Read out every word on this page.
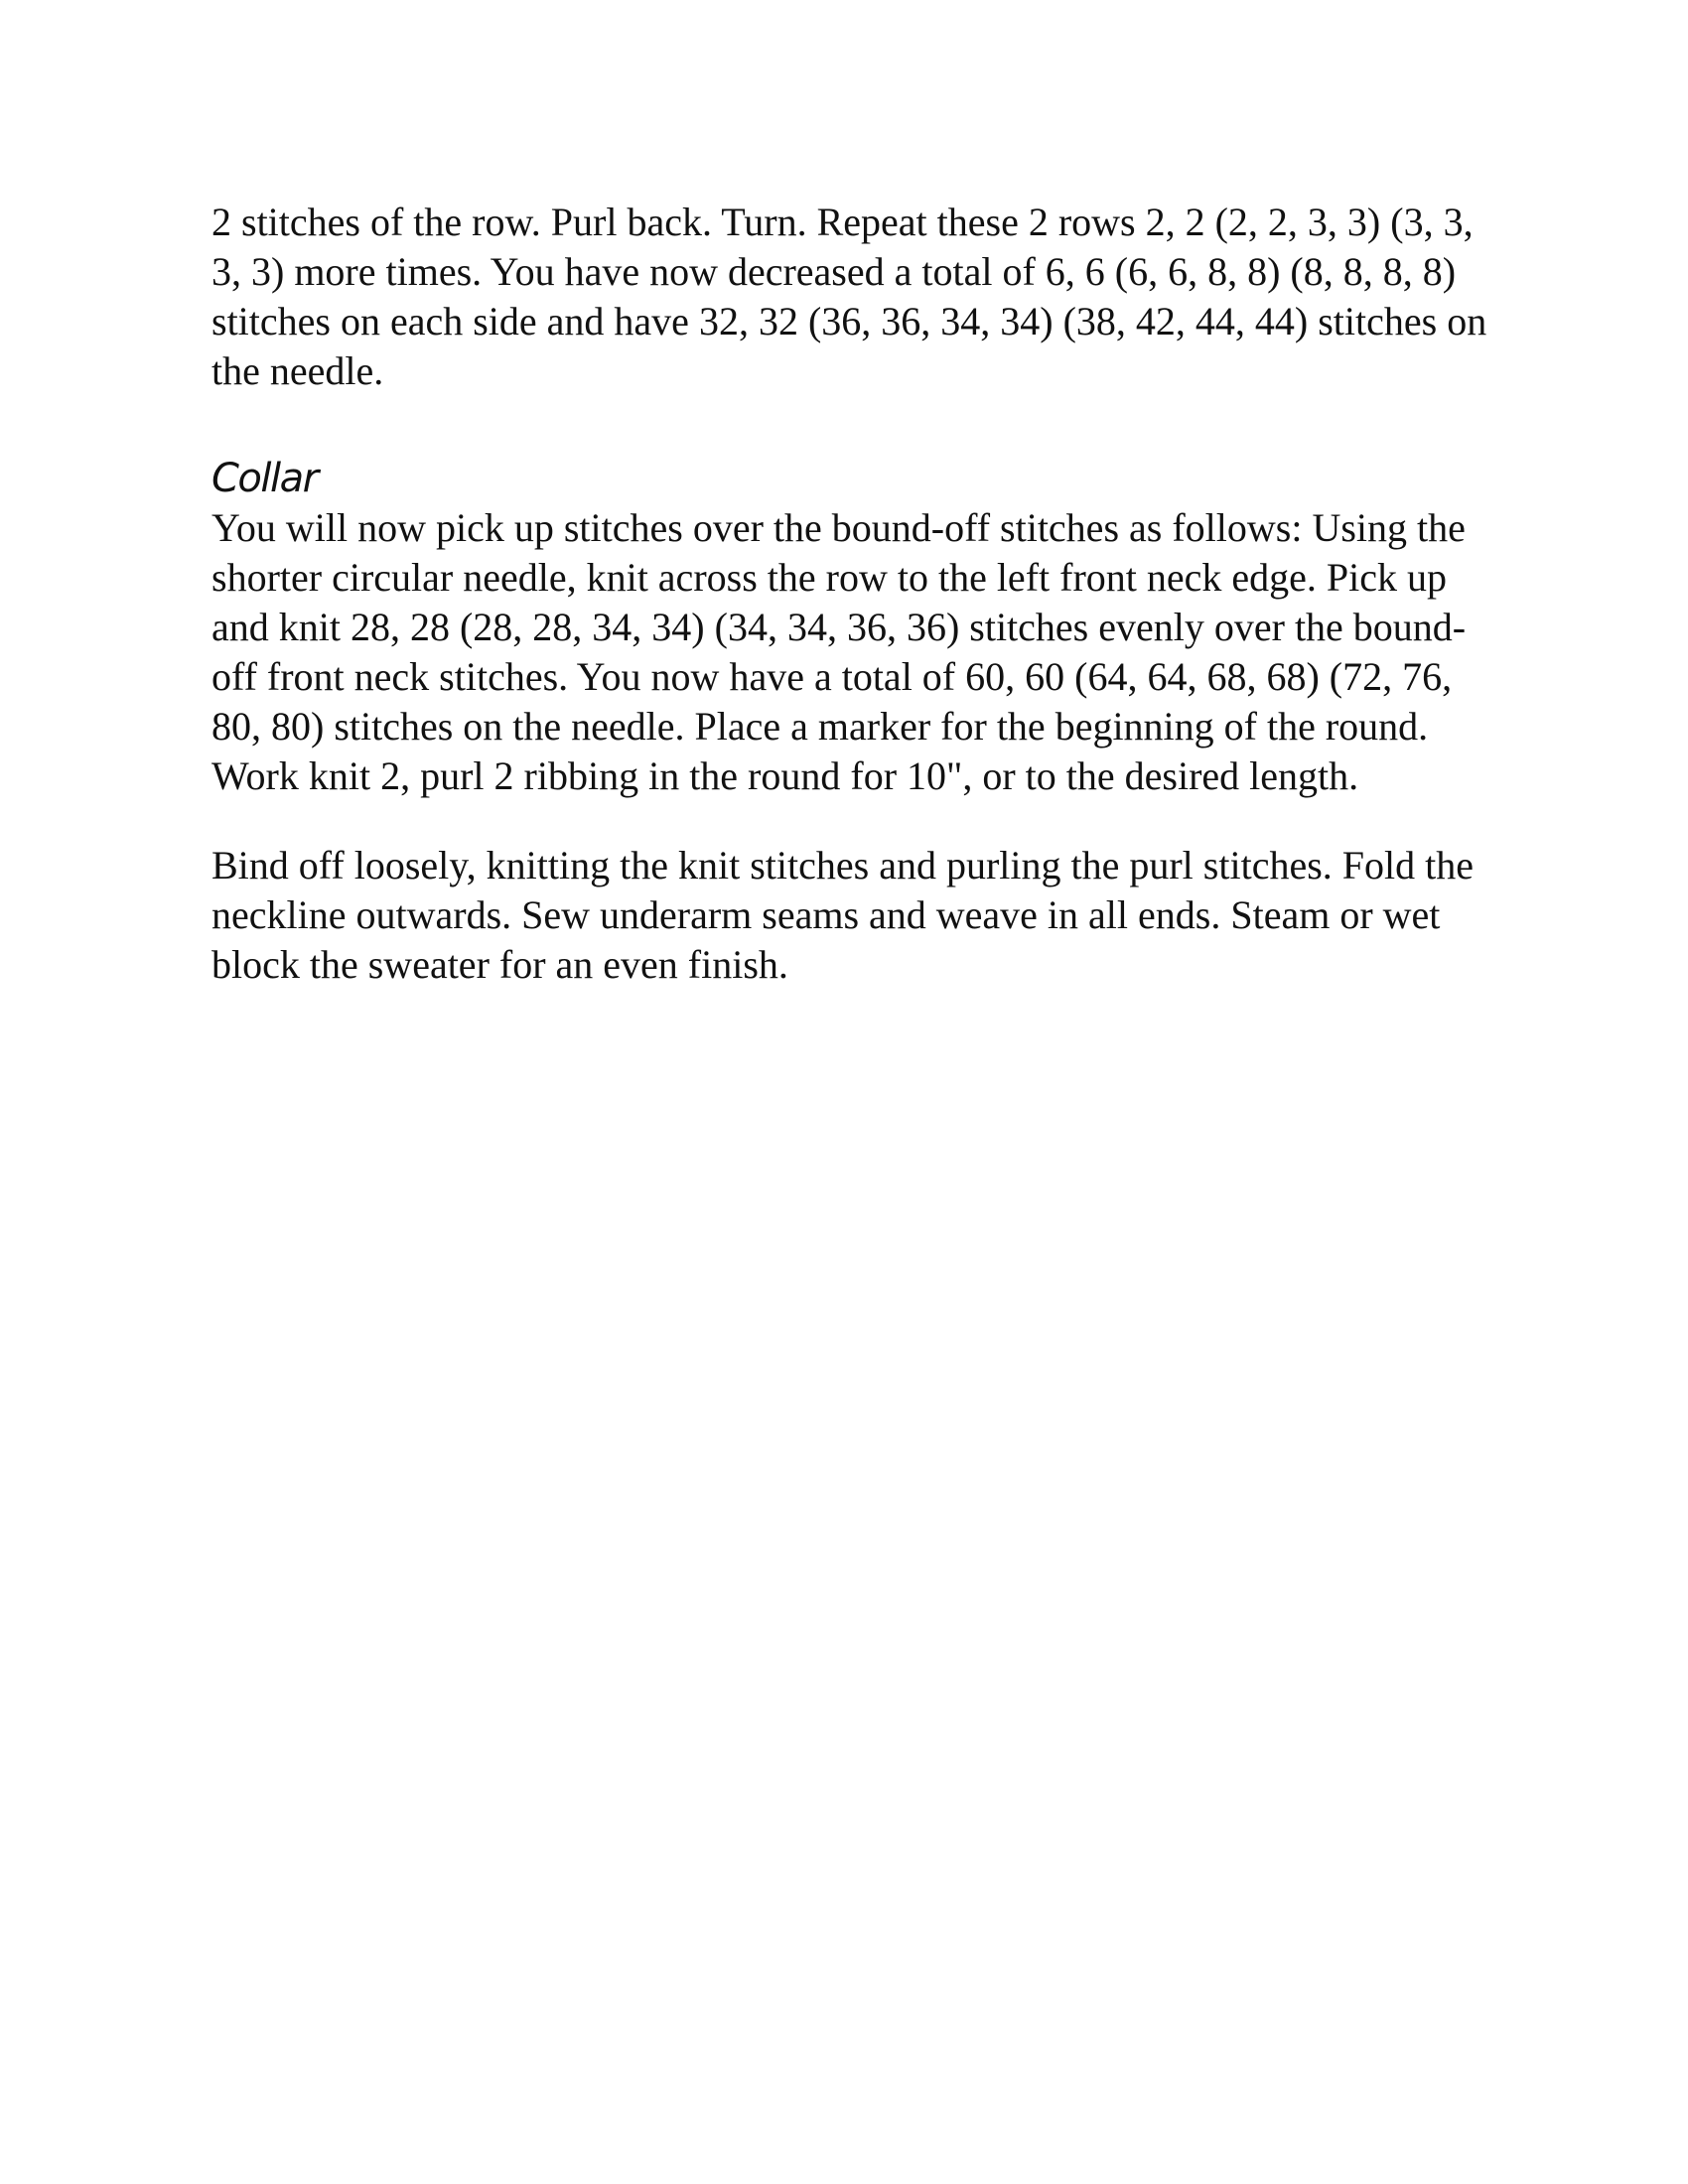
2 stitches of the row. Purl back. Turn. Repeat these 2 rows 2, 2 (2, 2, 3, 3) (3, 3, 3, 3) more times. You have now decreased a total of 6, 6 (6, 6, 8, 8) (8, 8, 8, 8) stitches on each side and have 32, 32 (36, 36, 34, 34) (38, 42, 44, 44) stitches on the needle.

Collar

You will now pick up stitches over the bound-off stitches as follows: Using the shorter circular needle, knit across the row to the left front neck edge. Pick up and knit 28, 28 (28, 28, 34, 34) (34, 34, 36, 36) stitches evenly over the bound-off front neck stitches. You now have a total of 60, 60 (64, 64, 68, 68) (72, 76, 80, 80) stitches on the needle. Place a marker for the beginning of the round. Work knit 2, purl 2 ribbing in the round for 10", or to the desired length.

Bind off loosely, knitting the knit stitches and purling the purl stitches. Fold the neckline outwards. Sew underarm seams and weave in all ends. Steam or wet block the sweater for an even finish.
